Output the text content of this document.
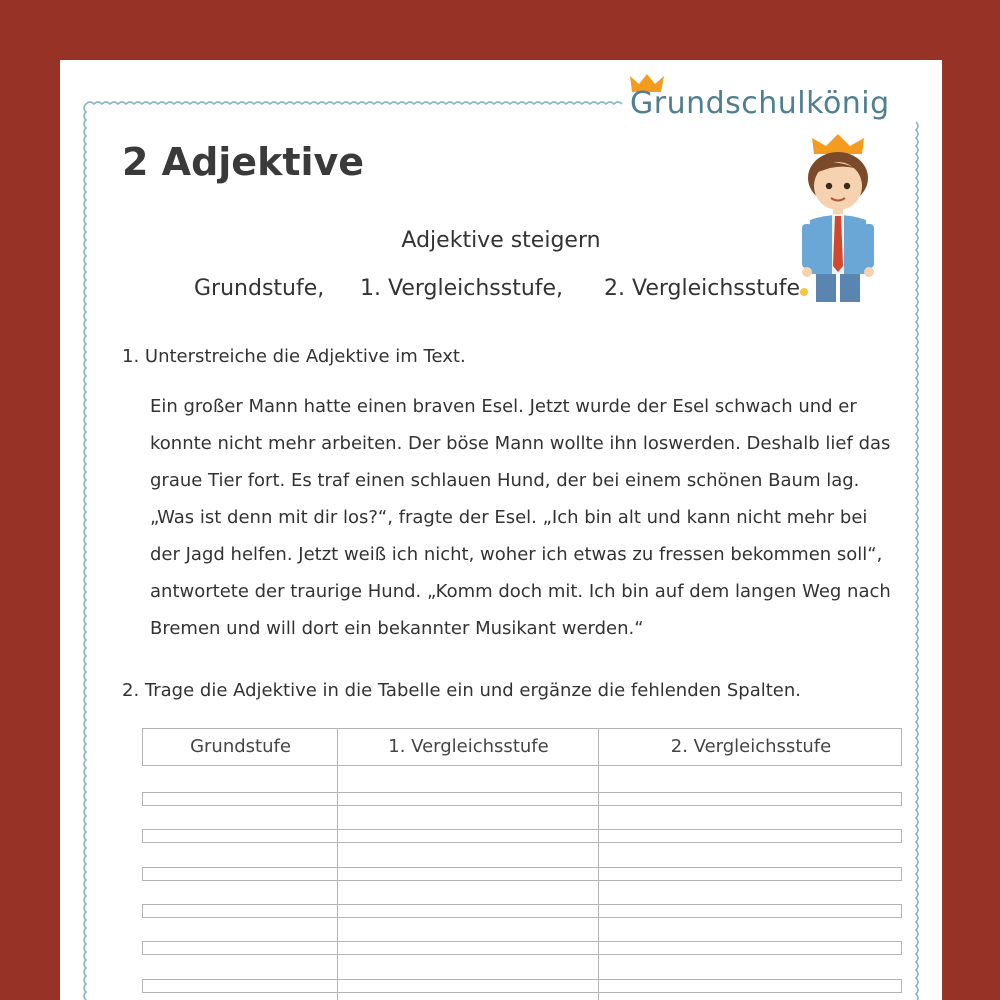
Grundschulkönig
2 Adjektive
Adjektive steigern
Grundstufe, 1. Vergleichsstufe, 2. Vergleichsstufe
1. Unterstreiche die Adjektive im Text.
Ein großer Mann hatte einen braven Esel. Jetzt wurde der Esel schwach und er
konnte nicht mehr arbeiten. Der böse Mann wollte ihn loswerden. Deshalb lief das
graue Tier fort. Es traf einen schlauen Hund, der bei einem schönen Baum lag.
„Was ist denn mit dir los?“, fragte der Esel. „Ich bin alt und kann nicht mehr bei
der Jagd helfen. Jetzt weiß ich nicht, woher ich etwas zu fressen bekommen soll“,
antwortete der traurige Hund. „Komm doch mit. Ich bin auf dem langen Weg nach
Bremen und will dort ein bekannter Musikant werden.“
2. Trage die Adjektive in die Tabelle ein und ergänze die fehlenden Spalten.
Grundstufe	1. Vergleichsstufe	2. Vergleichsstufe
